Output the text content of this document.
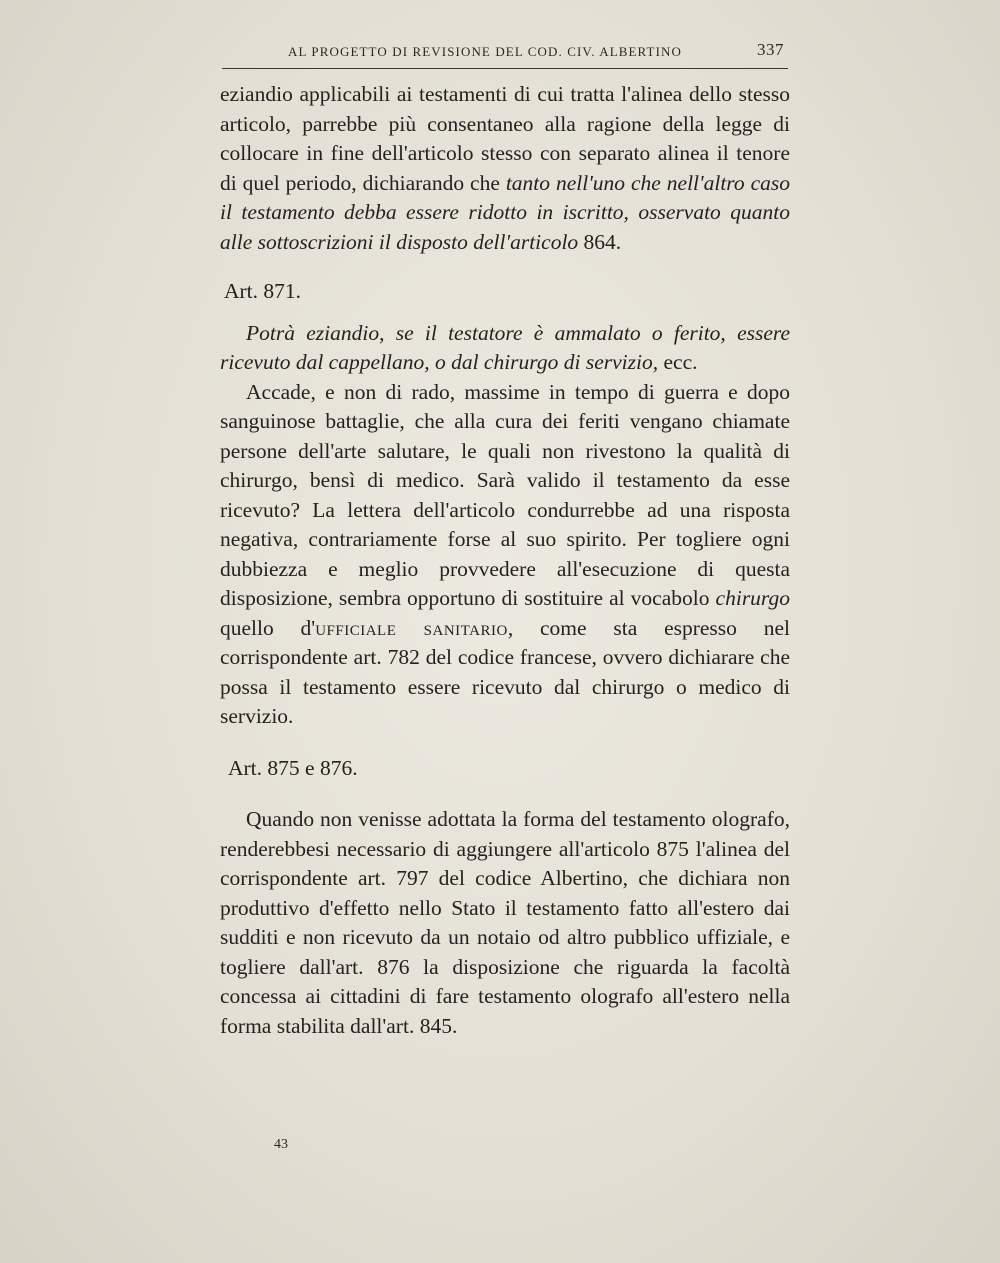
AL PROGETTO DI REVISIONE DEL COD. CIV. ALBERTINO	337

eziandio applicabili ai testamenti di cui tratta l'alinea dello stesso articolo, parrebbe più consentaneo alla ragione della legge di collocare in fine dell'articolo stesso con separato alinea il tenore di quel periodo, dichiarando che tanto nell'uno che nell'altro caso il testamento debba essere ridotto in iscritto, osservato quanto alle sottoscrizioni il disposto dell'articolo 864.

Art. 871.

Potrà eziandio, se il testatore è ammalato o ferito, essere ricevuto dal cappellano, o dal chirurgo di servizio, ecc.

Accade, e non di rado, massime in tempo di guerra e dopo sanguinose battaglie, che alla cura dei feriti vengano chiamate persone dell'arte salutare, le quali non rivestono la qualità di chirurgo, bensì di medico. Sarà valido il testamento da esse ricevuto? La lettera dell'articolo condurrebbe ad una risposta negativa, contrariamente forse al suo spirito. Per togliere ogni dubbiezza e meglio provvedere all'esecuzione di questa disposizione, sembra opportuno di sostituire al vocabolo chirurgo quello d'ufficiale sanitario, come sta espresso nel corrispondente art. 782 del codice francese, ovvero dichiarare che possa il testamento essere ricevuto dal chirurgo o medico di servizio.

Art. 875 e 876.

Quando non venisse adottata la forma del testamento olografo, renderebbesi necessario di aggiungere all'articolo 875 l'alinea del corrispondente art. 797 del codice Albertino, che dichiara non produttivo d'effetto nello Stato il testamento fatto all'estero dai sudditi e non ricevuto da un notaio od altro pubblico uffiziale, e togliere dall'art. 876 la disposizione che riguarda la facoltà concessa ai cittadini di fare testamento olografo all'estero nella forma stabilita dall'art. 845.

43
